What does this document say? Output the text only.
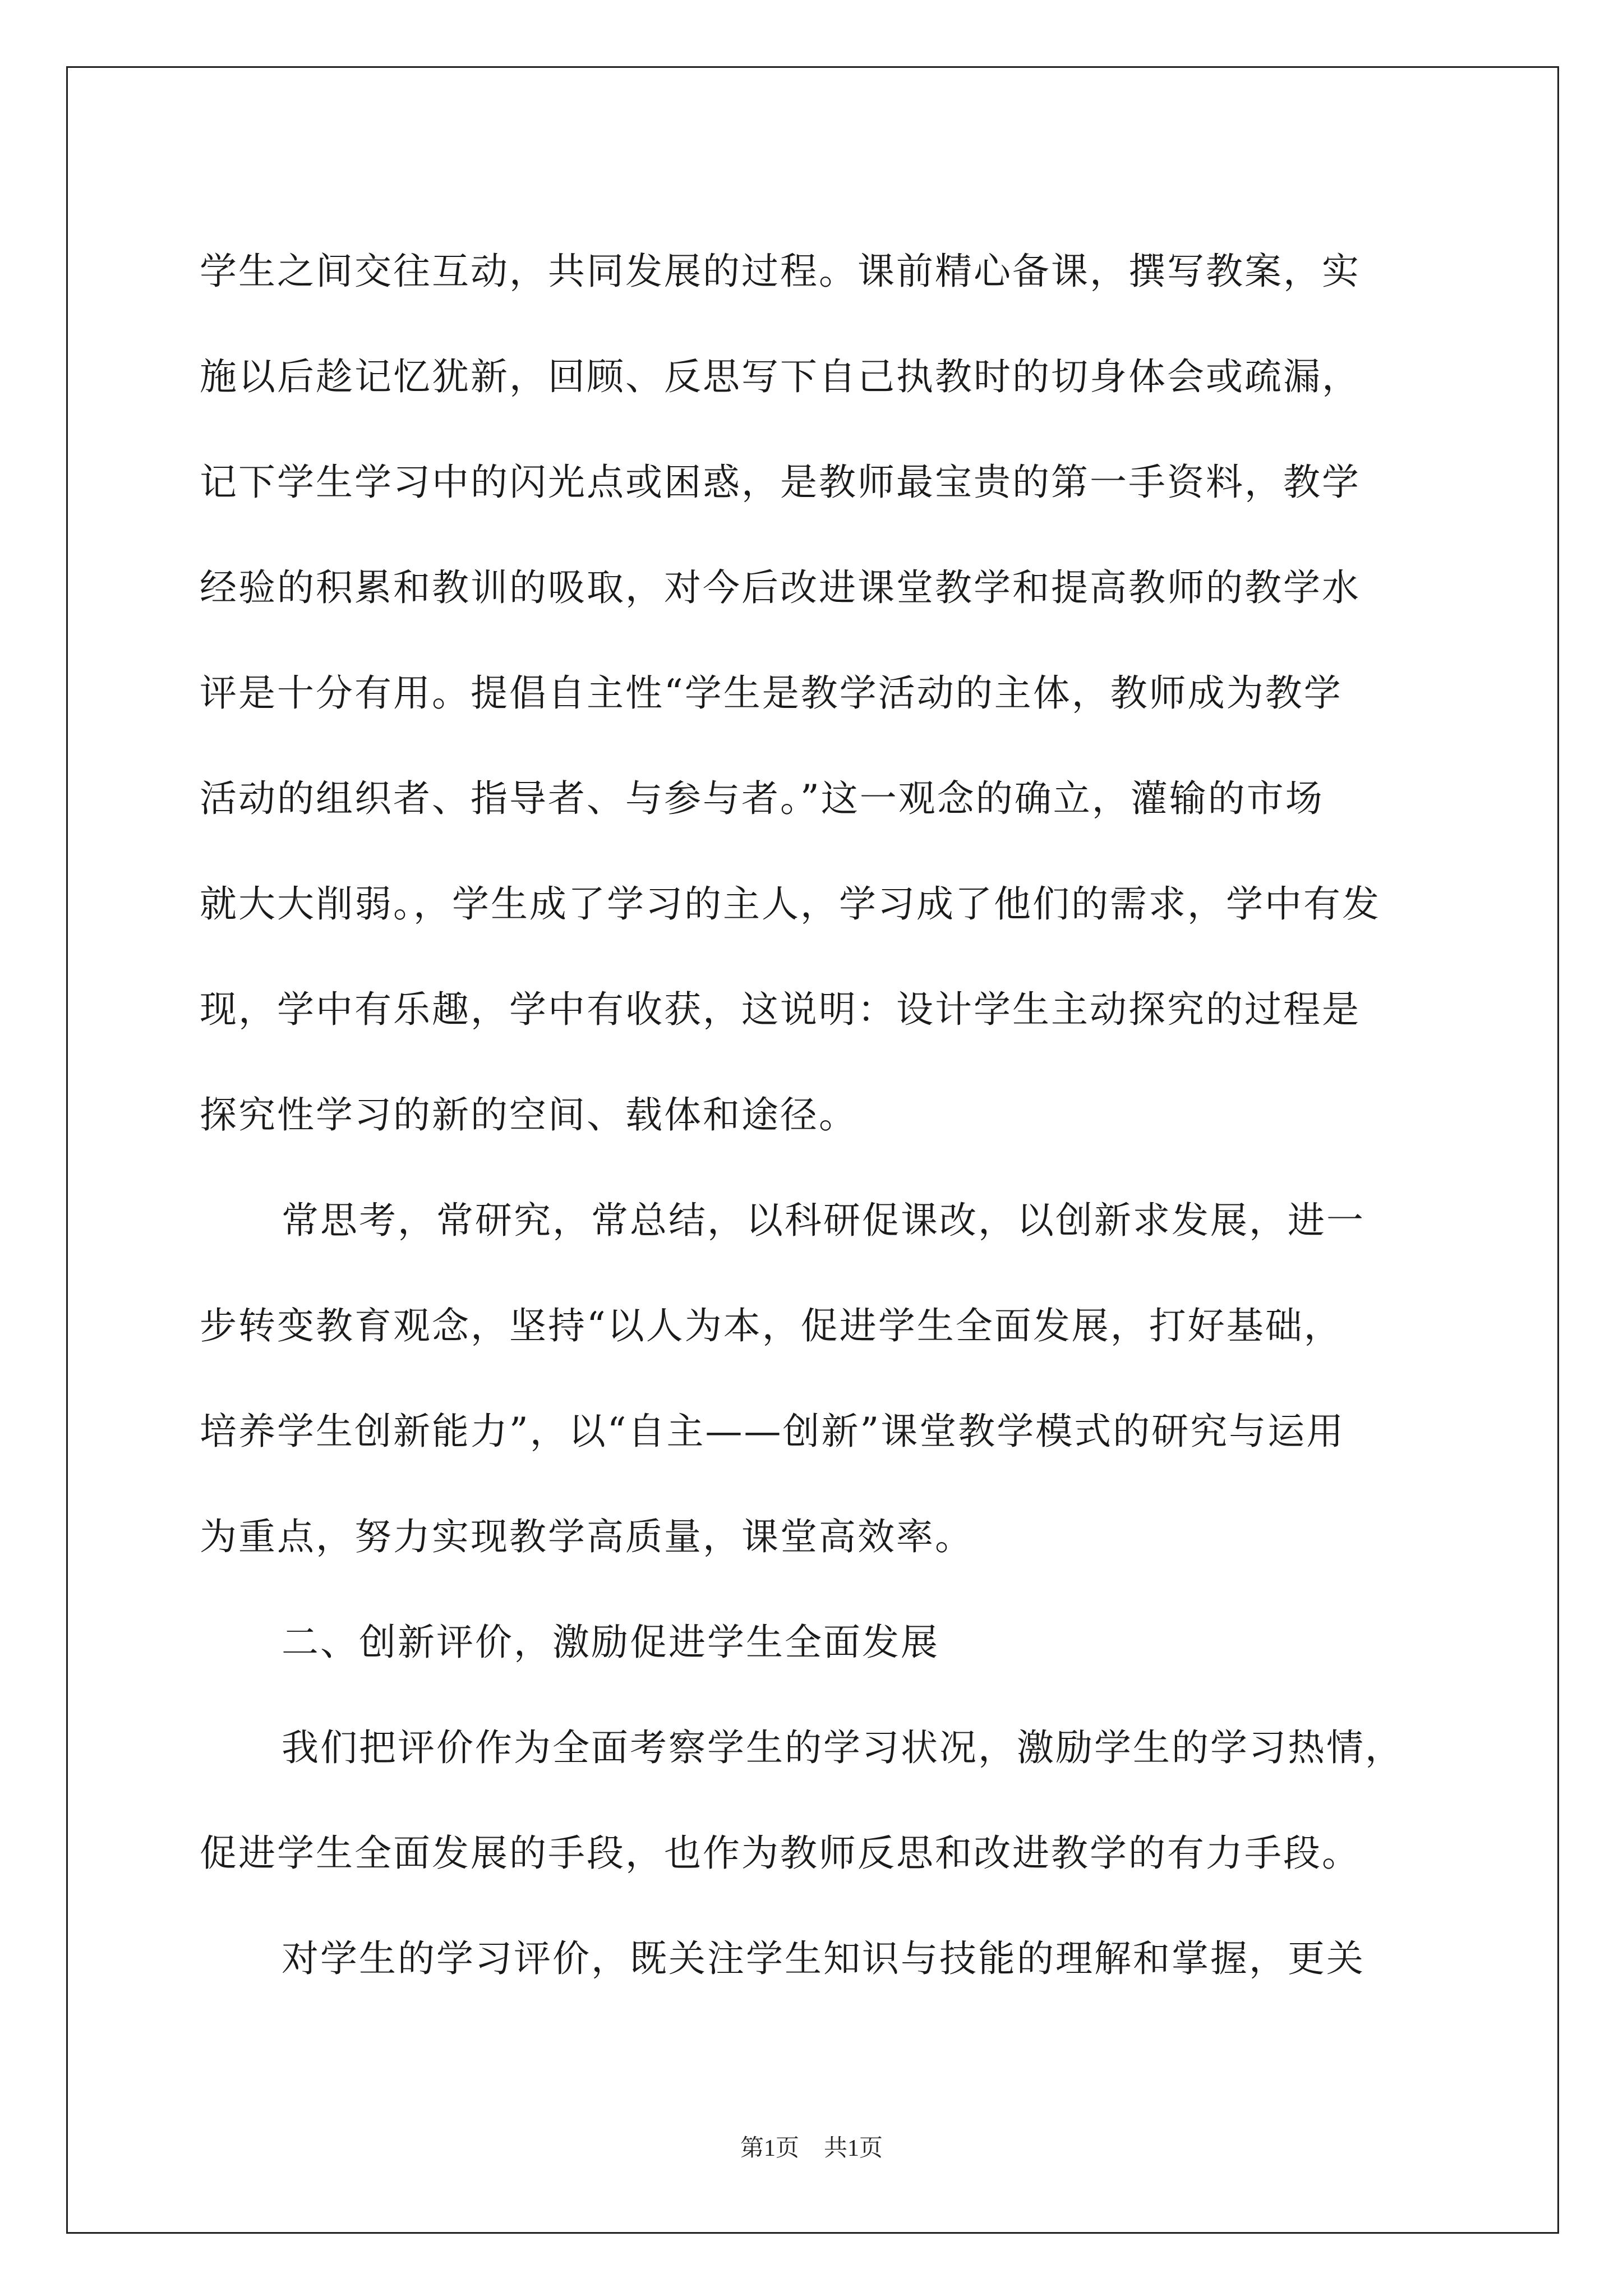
学生之间交往互动，共同发展的过程。课前精心备课，撰写教案，实
施以后趁记忆犹新，回顾、反思写下自己执教时的切身体会或疏漏，
记下学生学习中的闪光点或困惑，是教师最宝贵的第一手资料，教学
经验的积累和教训的吸取，对今后改进课堂教学和提高教师的教学水
评是十分有用。提倡自主性“学生是教学活动的主体，教师成为教学
活动的组织者、指导者、与参与者。”这一观念的确立，灌输的市场
就大大削弱。，学生成了学习的主人，学习成了他们的需求，学中有发
现，学中有乐趣，学中有收获，这说明：设计学生主动探究的过程是
探究性学习的新的空间、载体和途径。
常思考，常研究，常总结，以科研促课改，以创新求发展，进一
步转变教育观念，坚持“以人为本，促进学生全面发展，打好基础，
培养学生创新能力”，以“自主——创新”课堂教学模式的研究与运用
为重点，努力实现教学高质量，课堂高效率。
二、创新评价，激励促进学生全面发展
我们把评价作为全面考察学生的学习状况，激励学生的学习热情，
促进学生全面发展的手段，也作为教师反思和改进教学的有力手段。
对学生的学习评价，既关注学生知识与技能的理解和掌握，更关
第1页 共1页
